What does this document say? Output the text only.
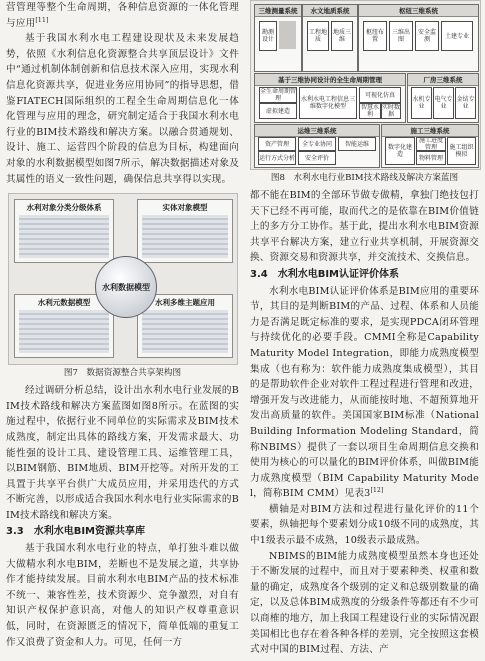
营管理等整个生命周期，各种信息资源的一体化管理与应用[11]

基于我国水利水电工程建设现状及未来发展趋势，依照《水利信息化资源整合共享顶层设计》文件中“通过机制体制创新和信息技术深入应用，实现水利信息化资源共享，促进业务应用协同”的指导思想，借鉴FIATECH国际组织的工程全生命周期信息化一体化管理与应用的理念，研究制定适合于我国水利水电行业的BIM技术路线和解决方案。以融合贯通规划、设计、施工、运营四个阶段的信息为目标，构建面向对象的水利数据模型如图7所示，解决数据描述对象及其属性的语义一致性问题，确保信息共享得以实现。

水利对象分类分级体系	实体对象模型
水利元数据模型	水利多维主题应用
水利数据模型

图7　数据资源整合共享架构图

经过调研分析总结，设计出水利水电行业发展的BIM技术路线和解决方案蓝图如图8所示。在蓝图的实施过程中，依据行业不同单位的实际需求及BIM技术成熟度，制定出具体的路线方案，开发需求最大、功能性强的设计工具、建设管理工具、运维管理工具，以BIM钢筋、BIM地质、BIM开挖等。对所开发的工具置于共享平台供广大成员应用，并采用迭代的方式不断完善，以形成适合我国水利水电行业实际需求的BIM技术路线和解决方案。

3.3　水利水电BIM资源共享库

基于我国水利水电行业的特点，单打独斗难以做大做精水利水电BIM，差断也不是发展之道，共享协作才能持续发展。目前水利水电BIM产品的技术标准不统一、兼容性差，技术资源少、竞争激烈，对自有知识产权保护意识高，对他人的知识产权尊重意识低，同时，在资源匮乏的情况下，简单低端的重复工作又浪费了资金和人力。可见，任何一方

三维测量系统
勘测设计
水文地质系统
工程地质
地质三维
枢纽三维系统
枢纽布置
三维出图
安全监测	土建专业
基于三维协同设计的全生命周期管理
全生命周期管理	水利水电工程信息三维数字化模型
可视化仿真
虚拟建造	智慧水利
实时数据
厂房三维系统
水机专业
电气专业
金结专业
运维三维系统
资产管理	全专业协同	智能运维
运行方式分析	安全评价
施工三维系统
数字化建造
施工进度管理	施工组织模拟
物料管理

图8　水利水电行业BIM技术路线及解决方案蓝图

都不能在BIM的全部环节做专做精，拿独门绝技包打天下已经不再可能，取而代之的是依靠在BIM价值链上的多方分工协作。基于此，提出水利水电BIM资源共享平台解决方案，建立行业共享机制，开展资源交换、资源交易和资源共享，并交流技术、交换信息。

3.4　水利水电BIM认证评价体系

水利水电BIM认证评价体系是BIM应用的重要环节，其目的是判断BIM的产品、过程、体系和人员能力是否满足既定标准的要求，是实现PDCA闭环管理与持续优化的必要手段。CMMI全称是Capability Maturity Model Integration，即能力成熟度模型集成（也有称为：软件能力成熟度集成模型），其目的是帮助软件企业对软件工程过程进行管理和改进，增强开发与改进能力，从而能按时地、不超预算地开发出高质量的软件。美国国家BIM标准（National Building Information Modeling Standard，简称NBIMS）提供了一套以项目生命周期信息交换和使用为核心的可以量化的BIM评价体系，叫做BIM能力成熟度模型（BIM Capability Maturity Model，简称BIM CMM）见表3[12]

横轴是对BIM方法和过程进行量化评价的11个要素，纵轴把每个要素划分成10级不同的成熟度，其中1级表示最不成熟，10级表示最成熟。

NBIMS的BIM能力成熟度模型虽然本身也还处于不断发展的过程中，而且对于要素种类、权重和数量的确定，成熟度各个级别的定义和总级别数量的确定，以及总体BIM成熟度的分级条件等都还有不少可以商榷的地方，加上我国工程建设行业的实际情况跟美国相比也存在着各种各样的差别，完全按照这套模式对中国的BIM过程、方法、产
